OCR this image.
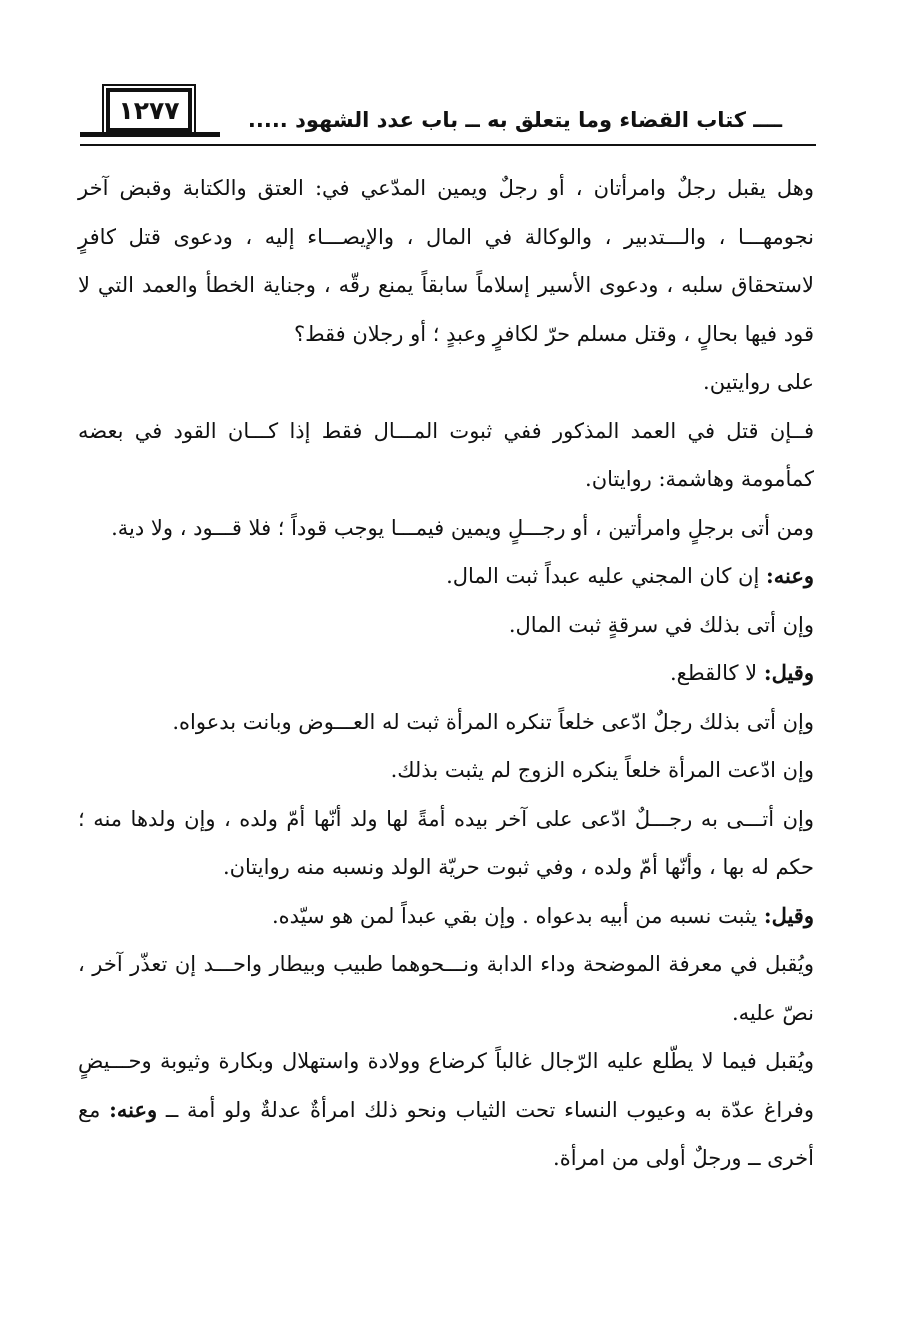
١٢٧٧	ــــ كتاب القضاء وما يتعلق به ــ باب عدد الشهود .....

وهل يقبل رجلٌ وامرأتان ، أو رجلٌ ويمين المدّعي في: العتق والكتابة وقبض آخر نجومهـــا ، والـــتدبير ، والوكالة في المال ، والإيصـــاء إليه ، ودعوى قتل كافرٍ لاستحقاق سلبه ، ودعوى الأسير إسلاماً سابقاً يمنع رقّه ، وجناية الخطأ والعمد التي لا قود فيها بحالٍ ، وقتل مسلم حرّ لكافرٍ وعبدٍ ؛ أو رجلان فقط؟

على روايتين.

فــإن قتل في العمد المذكور ففي ثبوت المـــال فقط إذا كـــان القود في بعضه كمأمومة وهاشمة: روايتان.

ومن أتى برجلٍ وامرأتين ، أو رجـــلٍ ويمين فيمـــا يوجب قوداً ؛ فلا قـــود ، ولا دية.

وعنه: إن كان المجني عليه عبداً ثبت المال.

وإن أتى بذلك في سرقةٍ ثبت المال.

وقيل: لا كالقطع.

وإن أتى بذلك رجلٌ ادّعى خلعاً تنكره المرأة ثبت له العـــوض وبانت بدعواه.

وإن ادّعت المرأة خلعاً ينكره الزوج لم يثبت بذلك.

وإن أتـــى به رجـــلٌ ادّعى على آخر بيده أمةً لها ولد أنّها أمّ ولده ، وإن ولدها منه ؛ حكم له بها ، وأنّها أمّ ولده ، وفي ثبوت حريّة الولد ونسبه منه روايتان.

وقيل: يثبت نسبه من أبيه بدعواه . وإن بقي عبداً لمن هو سيّده.

ويُقبل في معرفة الموضحة وداء الدابة ونـــحوهما طبيب وبيطار واحـــد إن تعذّر آخر ، نصّ عليه.

ويُقبل فيما لا يطّلع عليه الرّجال غالباً كرضاع وولادة واستهلال وبكارة وثيوبة وحـــيضٍ وفراغ عدّة به وعيوب النساء تحت الثياب ونحو ذلك امرأةٌ عدلةٌ ولو أمة ــ وعنه: مع أخرى ــ ورجلٌ أولى من امرأة.
